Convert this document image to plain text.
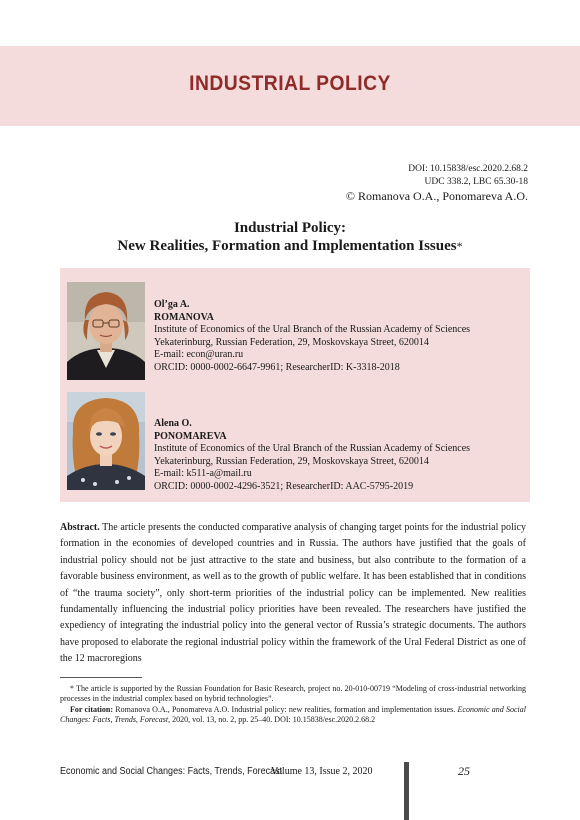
INDUSTRIAL POLICY
DOI: 10.15838/esc.2020.2.68.2
UDC 338.2, LBC 65.30-18
© Romanova O.A., Ponomareva A.O.
Industrial Policy:
New Realities, Formation and Implementation Issues*
Ol’ga A.
ROMANOVA
Institute of Economics of the Ural Branch of the Russian Academy of Sciences
Yekaterinburg, Russian Federation, 29, Moskovskaya Street, 620014
E-mail: econ@uran.ru
ORCID: 0000-0002-6647-9961; ResearcherID: K-3318-2018
Alena O.
PONOMAREVA
Institute of Economics of the Ural Branch of the Russian Academy of Sciences
Yekaterinburg, Russian Federation, 29, Moskovskaya Street, 620014
E-mail: k511-a@mail.ru
ORCID: 0000-0002-4296-3521; ResearcherID: AAC-5795-2019
Abstract. The article presents the conducted comparative analysis of changing target points for the industrial policy formation in the economies of developed countries and in Russia. The authors have justified that the goals of industrial policy should not be just attractive to the state and business, but also contribute to the formation of a favorable business environment, as well as to the growth of public welfare. It has been established that in conditions of “the trauma society”, only short-term priorities of the industrial policy can be implemented. New realities fundamentally influencing the industrial policy priorities have been revealed. The researchers have justified the expediency of integrating the industrial policy into the general vector of Russia’s strategic documents. The authors have proposed to elaborate the regional industrial policy within the framework of the Ural Federal District as one of the 12 macroregions

* The article is supported by the Russian Foundation for Basic Research, project no. 20-010-00719 “Modeling of cross-industrial networking processes in the industrial complex based on hybrid technologies”.

For citation: Romanova O.A., Ponomareva A.O. Industrial policy: new realities, formation and implementation issues. Economic and Social Changes: Facts, Trends, Forecast, 2020, vol. 13, no. 2, pp. 25–40. DOI: 10.15838/esc.2020.2.68.2

Economic and Social Changes: Facts, Trends, Forecast
Volume 13, Issue 2, 2020	25
